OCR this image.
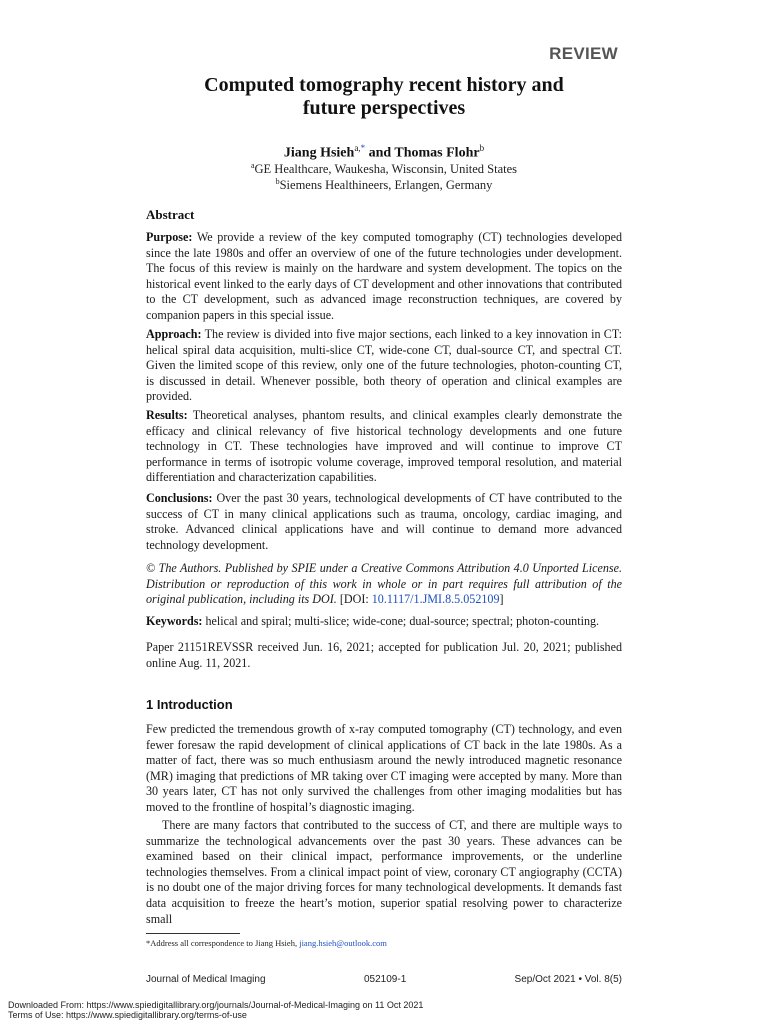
REVIEW
Computed tomography recent history and
future perspectives
Jiang Hsieh$^{a,*}$ and Thomas Flohr$^b$
$^a$GE Healthcare, Waukesha, Wisconsin, United States
$^b$Siemens Healthineers, Erlangen, Germany
Abstract
Purpose: We provide a review of the key computed tomography (CT) technologies developed since the late 1980s and offer an overview of one of the future technologies under development. The focus of this review is mainly on the hardware and system development. The topics on the historical event linked to the early days of CT development and other innovations that contributed to the CT development, such as advanced image reconstruction techniques, are covered by companion papers in this special issue.
Approach: The review is divided into five major sections, each linked to a key innovation in CT: helical spiral data acquisition, multi-slice CT, wide-cone CT, dual-source CT, and spectral CT. Given the limited scope of this review, only one of the future technologies, photon-counting CT, is discussed in detail. Whenever possible, both theory of operation and clinical examples are provided.
Results: Theoretical analyses, phantom results, and clinical examples clearly demonstrate the efficacy and clinical relevancy of five historical technology developments and one future technology in CT. These technologies have improved and will continue to improve CT performance in terms of isotropic volume coverage, improved temporal resolution, and material differentiation and characterization capabilities.
Conclusions: Over the past 30 years, technological developments of CT have contributed to the success of CT in many clinical applications such as trauma, oncology, cardiac imaging, and stroke. Advanced clinical applications have and will continue to demand more advanced technology development.
© The Authors. Published by SPIE under a Creative Commons Attribution 4.0 Unported License. Distribution or reproduction of this work in whole or in part requires full attribution of the original publication, including its DOI. [DOI: 10.1117/1.JMI.8.5.052109]
Keywords: helical and spiral; multi-slice; wide-cone; dual-source; spectral; photon-counting.
Paper 21151REVSSR received Jun. 16, 2021; accepted for publication Jul. 20, 2021; published online Aug. 11, 2021.
1 Introduction
Few predicted the tremendous growth of x-ray computed tomography (CT) technology, and even fewer foresaw the rapid development of clinical applications of CT back in the late 1980s. As a matter of fact, there was so much enthusiasm around the newly introduced magnetic resonance (MR) imaging that predictions of MR taking over CT imaging were accepted by many. More than 30 years later, CT has not only survived the challenges from other imaging modalities but has moved to the frontline of hospital’s diagnostic imaging.
There are many factors that contributed to the success of CT, and there are multiple ways to summarize the technological advancements over the past 30 years. These advances can be examined based on their clinical impact, performance improvements, or the underline technologies themselves. From a clinical impact point of view, coronary CT angiography (CCTA) is no doubt one of the major driving forces for many technological developments. It demands fast data acquisition to freeze the heart’s motion, superior spatial resolving power to characterize small
*Address all correspondence to Jiang Hsieh, jiang.hsieh@outlook.com
Journal of Medical Imaging	052109-1	Sep/Oct 2021 • Vol. 8(5)
Downloaded From: https://www.spiedigitallibrary.org/journals/Journal-of-Medical-Imaging on 11 Oct 2021
Terms of Use: https://www.spiedigitallibrary.org/terms-of-use
